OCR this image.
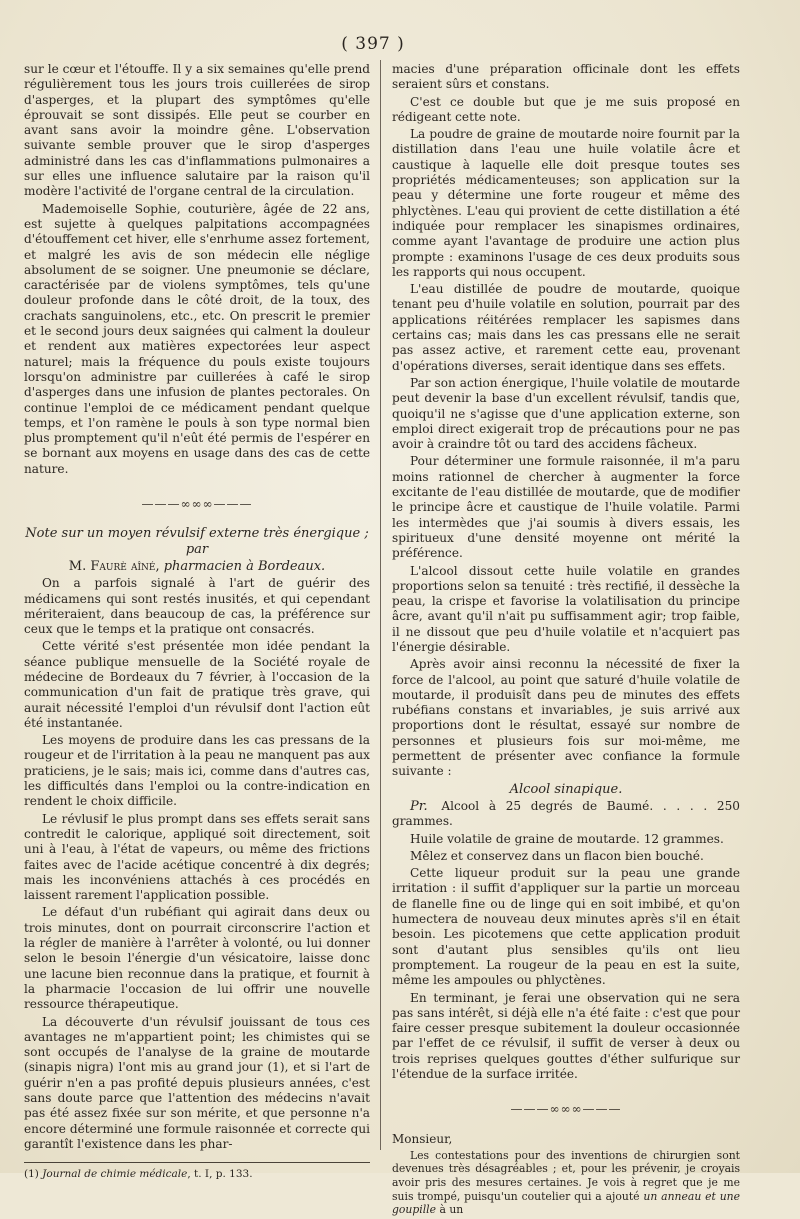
( 397 )

sur le cœur et l'étouffe. Il y a six semaines qu'elle prend régulièrement tous les jours trois cuillerées de sirop d'asperges, et la plupart des symptômes qu'elle éprouvait se sont dissipés. Elle peut se courber en avant sans avoir la moindre gêne. L'observation suivante semble prouver que le sirop d'asperges administré dans les cas d'inflammations pulmonaires a sur elles une influence salutaire par la raison qu'il modère l'activité de l'organe central de la circulation.

Mademoiselle Sophie, couturière, âgée de 22 ans, est sujette à quelques palpitations accompagnées d'étouffement cet hiver, elle s'enrhume assez fortement, et malgré les avis de son médecin elle néglige absolument de se soigner. Une pneumonie se déclare, caractérisée par de violens symptômes, tels qu'une douleur profonde dans le côté droit, de la toux, des crachats sanguinolens, etc., etc. On prescrit le premier et le second jours deux saignées qui calment la douleur et rendent aux matières expectorées leur aspect naturel; mais la fréquence du pouls existe toujours lorsqu'on administre par cuillerées à café le sirop d'asperges dans une infusion de plantes pectorales. On continue l'emploi de ce médicament pendant quelque temps, et l'on ramène le pouls à son type normal bien plus promptement qu'il n'eût été permis de l'espérer en se bornant aux moyens en usage dans des cas de cette nature.

———∞∞∞———

Note sur un moyen révulsif externe très énergique ; par

M. Faurè aîné, pharmacien à Bordeaux.

On a parfois signalé à l'art de guérir des médicamens qui sont restés inusités, et qui cependant mériteraient, dans beaucoup de cas, la préférence sur ceux que le temps et la pratique ont consacrés.

Cette vérité s'est présentée mon idée pendant la séance publique mensuelle de la Société royale de médecine de Bordeaux du 7 février, à l'occasion de la communication d'un fait de pratique très grave, qui aurait nécessité l'emploi d'un révulsif dont l'action eût été instantanée.

Les moyens de produire dans les cas pressans de la rougeur et de l'irritation à la peau ne manquent pas aux praticiens, je le sais; mais ici, comme dans d'autres cas, les difficultés dans l'emploi ou la contre-indication en rendent le choix difficile.

Le révlusif le plus prompt dans ses effets serait sans contredit le calorique, appliqué soit directement, soit uni à l'eau, à l'état de vapeurs, ou même des frictions faites avec de l'acide acétique concentré à dix degrés; mais les inconvéniens attachés à ces procédés en laissent rarement l'application possible.

Le défaut d'un rubéfiant qui agirait dans deux ou trois minutes, dont on pourrait circonscrire l'action et la régler de manière à l'arrêter à volonté, ou lui donner selon le besoin l'énergie d'un vésicatoire, laisse donc une lacune bien reconnue dans la pratique, et fournit à la pharmacie l'occasion de lui offrir une nouvelle ressource thérapeutique.

La découverte d'un révulsif jouissant de tous ces avantages ne m'appartient point; les chimistes qui se sont occupés de l'analyse de la graine de moutarde (sinapis nigra) l'ont mis au grand jour (1), et si l'art de guérir n'en a pas profité depuis plusieurs années, c'est sans doute parce que l'attention des médecins n'avait pas été assez fixée sur son mérite, et que personne n'a encore déterminé une formule raisonnée et correcte qui garantît l'existence dans les phar-

(1) Journal de chimie médicale, t. I, p. 133.

macies d'une préparation officinale dont les effets seraient sûrs et constans.

C'est ce double but que je me suis proposé en rédigeant cette note.

La poudre de graine de moutarde noire fournit par la distillation dans l'eau une huile volatile âcre et caustique à laquelle elle doit presque toutes ses propriétés médicamenteuses; son application sur la peau y détermine une forte rougeur et même des phlyctènes. L'eau qui provient de cette distillation a été indiquée pour remplacer les sinapismes ordinaires, comme ayant l'avantage de produire une action plus prompte : examinons l'usage de ces deux produits sous les rapports qui nous occupent.

L'eau distillée de poudre de moutarde, quoique tenant peu d'huile volatile en solution, pourrait par des applications réitérées remplacer les sapismes dans certains cas; mais dans les cas pressans elle ne serait pas assez active, et rarement cette eau, provenant d'opérations diverses, serait identique dans ses effets.

Par son action énergique, l'huile volatile de moutarde peut devenir la base d'un excellent révulsif, tandis que, quoiqu'il ne s'agisse que d'une application externe, son emploi direct exigerait trop de précautions pour ne pas avoir à craindre tôt ou tard des accidens fâcheux.

Pour déterminer une formule raisonnée, il m'a paru moins rationnel de chercher à augmenter la force excitante de l'eau distillée de moutarde, que de modifier le principe âcre et caustique de l'huile volatile. Parmi les intermèdes que j'ai soumis à divers essais, les spiritueux d'une densité moyenne ont mérité la préférence.

L'alcool dissout cette huile volatile en grandes proportions selon sa tenuité : très rectifié, il dessèche la peau, la crispe et favorise la volatilisation du principe âcre, avant qu'il n'ait pu suffisamment agir; trop faible, il ne dissout que peu d'huile volatile et n'acquiert pas l'énergie désirable.

Après avoir ainsi reconnu la nécessité de fixer la force de l'alcool, au point que saturé d'huile volatile de moutarde, il produisît dans peu de minutes des effets rubéfians constans et invariables, je suis arrivé aux proportions dont le résultat, essayé sur nombre de personnes et plusieurs fois sur moi-même, me permettent de présenter avec confiance la formule suivante :

Alcool sinapique.

Pr. Alcool à 25 degrés de Baumé. . . . . 250 grammes.

Huile volatile de graine de moutarde. 12 grammes.

Mêlez et conservez dans un flacon bien bouché.

Cette liqueur produit sur la peau une grande irritation : il suffit d'appliquer sur la partie un morceau de flanelle fine ou de linge qui en soit imbibé, et qu'on humectera de nouveau deux minutes après s'il en était besoin. Les picotemens que cette application produit sont d'autant plus sensibles qu'ils ont lieu promptement. La rougeur de la peau en est la suite, même les ampoules ou phlyctènes.

En terminant, je ferai une observation qui ne sera pas sans intérêt, si déjà elle n'a été faite : c'est que pour faire cesser presque subitement la douleur occasionnée par l'effet de ce révulsif, il suffit de verser à deux ou trois reprises quelques gouttes d'éther sulfurique sur l'étendue de la surface irritée.

———∞∞∞———

Monsieur,

Les contestations pour des inventions de chirurgien sont devenues très désagréables ; et, pour les prévenir, je croyais avoir pris des mesures certaines. Je vois à regret que je me suis trompé, puisqu'un coutelier qui a ajouté un anneau et une goupille à un
